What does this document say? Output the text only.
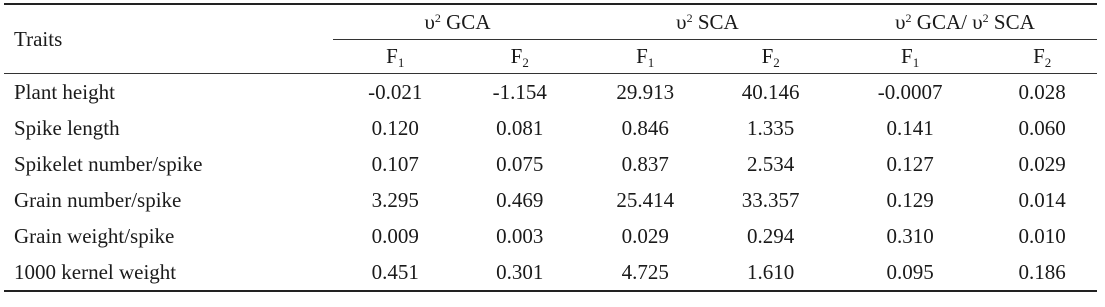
Traits	$\upsilon^2$ GCA		$\upsilon^2$ SCA		$\upsilon^2$ GCA/ $\upsilon^2$ SCA	
	$F_1$	$F_2$	$F_1$	$F_2$	$F_1$	$F_2$
Plant height	-0.021	-1.154	29.913	40.146	-0.0007	0.028
Spike length	0.120	0.081	0.846	1.335	0.141	0.060
Spikelet number/spike	0.107	0.075	0.837	2.534	0.127	0.029
Grain number/spike	3.295	0.469	25.414	33.357	0.129	0.014
Grain weight/spike	0.009	0.003	0.029	0.294	0.310	0.010
1000 kernel weight	0.451	0.301	4.725	1.610	0.095	0.186
